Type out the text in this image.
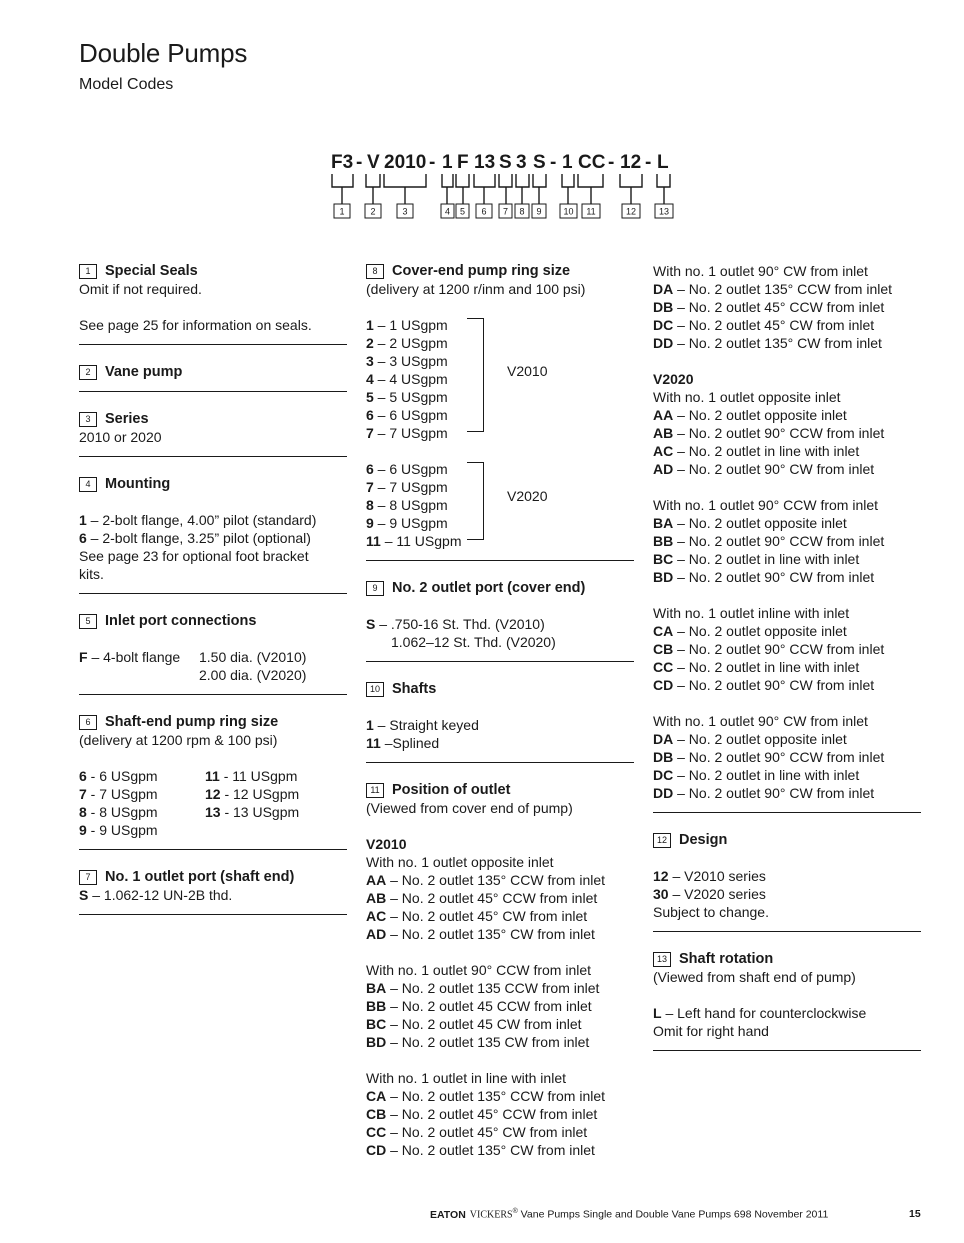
Double Pumps
Model Codes
F3 - V 2010 - 1 F 13 S 3 S - 1 CC - 12 - L
1	2	3	4 5 6 7 8 9 10 11	12	13
1	Special Seals
Omit if not required.
See page 25 for information on seals.
2	Vane pump
3	Series
2010 or 2020
4	Mounting
1 – 2-bolt flange, 4.00” pilot (standard)
6 – 2-bolt flange, 3.25” pilot (optional)
See page 23 for optional foot bracket
kits.
5	Inlet port connections
F – 4-bolt flange	1.50 dia. (V2010)
2.00 dia. (V2020)
6	Shaft-end pump ring size
(delivery at 1200 rpm & 100 psi)
6 - 6 USgpm	11 - 11 USgpm
7 - 7 USgpm	12 - 12 USgpm
8 - 8 USgpm	13 - 13 USgpm
9 - 9 USgpm
7	No. 1 outlet port (shaft end)
S – 1.062-12 UN-2B thd.
8	Cover-end pump ring size
(delivery at 1200 r/inm and 100 psi)
V2010
1 – 1 USgpm
2 – 2 USgpm
3 – 3 USgpm
4 – 4 USgpm
5 – 5 USgpm
6 – 6 USgpm
7 – 7 USgpm
V2020
6 – 6 USgpm
7 – 7 USgpm
8 – 8 USgpm
9 – 9 USgpm
11 – 11 USgpm
9	No. 2 outlet port (cover end)
S – .750-16 St. Thd. (V2010)
1.062–12 St. Thd. (V2020)
10 Shafts
1 – Straight keyed
11 –Splined
11 Position of outlet
(Viewed from cover end of pump)
V2010
With no. 1 outlet opposite inlet
AA – No. 2 outlet 135° CCW from inlet
AB – No. 2 outlet 45° CCW from inlet
AC – No. 2 outlet 45° CW from inlet
AD – No. 2 outlet 135° CW from inlet
With no. 1 outlet 90° CCW from inlet
BA – No. 2 outlet 135 CCW from inlet
BB – No. 2 outlet 45 CCW from inlet
BC – No. 2 outlet 45 CW from inlet
BD – No. 2 outlet 135 CW from inlet
With no. 1 outlet in line with inlet
CA – No. 2 outlet 135° CCW from inlet
CB – No. 2 outlet 45° CCW from inlet
CC – No. 2 outlet 45° CW from inlet
CD – No. 2 outlet 135° CW from inlet
With no. 1 outlet 90° CW from inlet
DA – No. 2 outlet 135° CCW from inlet
DB – No. 2 outlet 45° CCW from inlet
DC – No. 2 outlet 45° CW from inlet
DD – No. 2 outlet 135° CW from inlet
V2020
With no. 1 outlet opposite inlet
AA – No. 2 outlet opposite inlet
AB – No. 2 outlet 90° CCW from inlet
AC – No. 2 outlet in line with inlet
AD – No. 2 outlet 90° CW from inlet
With no. 1 outlet 90° CCW from inlet
BA – No. 2 outlet opposite inlet
BB – No. 2 outlet 90° CCW from inlet
BC – No. 2 outlet in line with inlet
BD – No. 2 outlet 90° CW from inlet
With no. 1 outlet inline with inlet
CA – No. 2 outlet opposite inlet
CB – No. 2 outlet 90° CCW from inlet
CC – No. 2 outlet in line with inlet
CD – No. 2 outlet 90° CW from inlet
With no. 1 outlet 90° CW from inlet
DA – No. 2 outlet opposite inlet
DB – No. 2 outlet 90° CCW from inlet
DC – No. 2 outlet in line with inlet
DD – No. 2 outlet 90° CW from inlet
12 Design
12 – V2010 series
30 – V2020 series
Subject to change.
13 Shaft rotation
(Viewed from shaft end of pump)
L – Left hand for counterclockwise
Omit for right hand
EATON VICKERS® Vane Pumps Single and Double Vane Pumps 698 November 2011	15
